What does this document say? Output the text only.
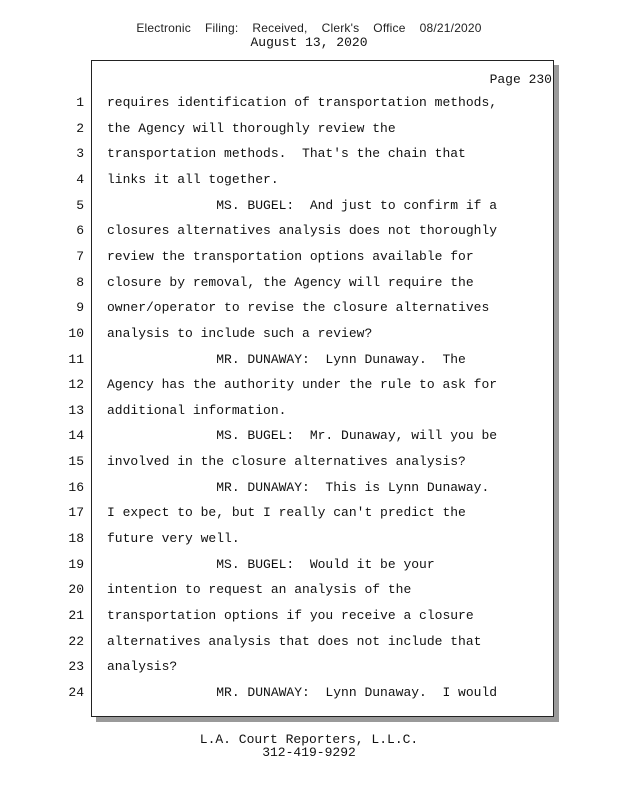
Electronic Filing: Received, Clerk's Office 08/21/2020
August 13, 2020
Page 230
1 requires identification of transportation methods,
2 the Agency will thoroughly review the
3 transportation methods.  That's the chain that
4 links it all together.
5 MS. BUGEL:  And just to confirm if a
6 closures alternatives analysis does not thoroughly
7 review the transportation options available for
8 closure by removal, the Agency will require the
9 owner/operator to revise the closure alternatives
10 analysis to include such a review?
11 MR. DUNAWAY:  Lynn Dunaway.  The
12 Agency has the authority under the rule to ask for
13 additional information.
14 MS. BUGEL:  Mr. Dunaway, will you be
15 involved in the closure alternatives analysis?
16 MR. DUNAWAY:  This is Lynn Dunaway.
17 I expect to be, but I really can't predict the
18 future very well.
19 MS. BUGEL:  Would it be your
20 intention to request an analysis of the
21 transportation options if you receive a closure
22 alternatives analysis that does not include that
23 analysis?
24 MR. DUNAWAY:  Lynn Dunaway.  I would
L.A. Court Reporters, L.L.C.
312-419-9292
